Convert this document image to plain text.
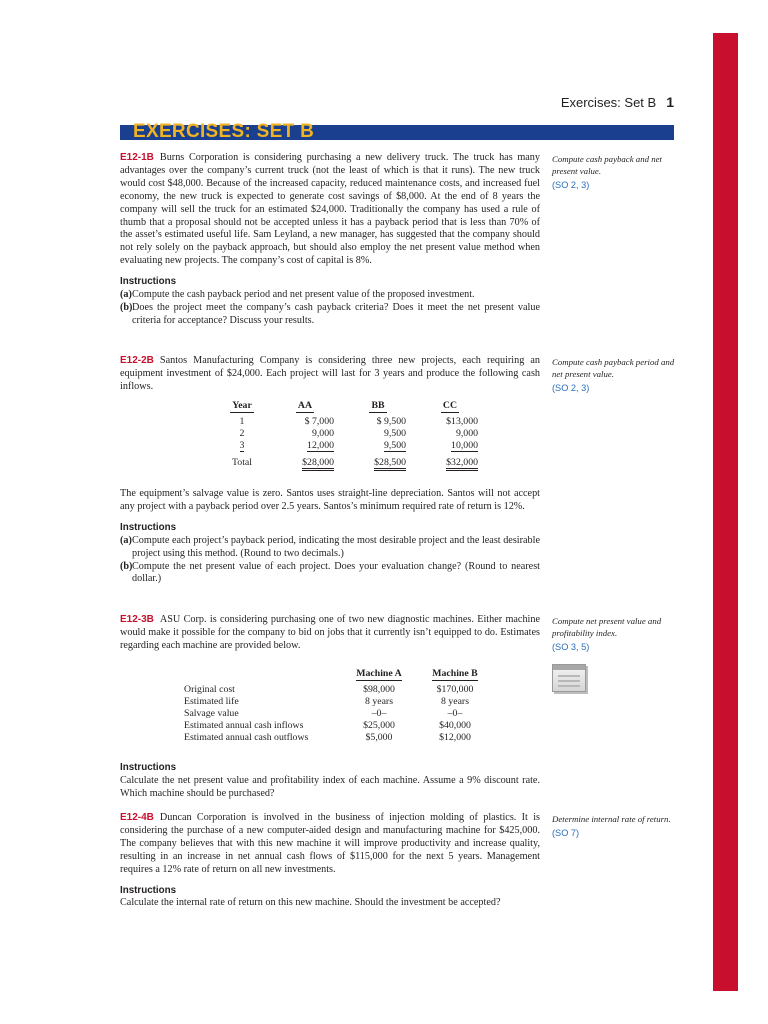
Exercises: Set B 1
EXERCISES: SET B
E12-1B Burns Corporation is considering purchasing a new delivery truck. The truck has many advantages over the company’s current truck (not the least of which is that it runs). The new truck would cost $48,000. Because of the increased capacity, reduced maintenance costs, and increased fuel economy, the new truck is expected to generate cost savings of $8,000. At the end of 8 years the company will sell the truck for an estimated $24,000. Traditionally the company has used a rule of thumb that a proposal should not be accepted unless it has a payback period that is less than 70% of the asset’s estimated useful life. Sam Leyland, a new manager, has suggested that the company should not rely solely on the payback approach, but should also employ the net present value method when evaluating new projects. The company’s cost of capital is 8%.
Instructions
(a) Compute the cash payback period and net present value of the proposed investment.
(b) Does the project meet the company’s cash payback criteria? Does it meet the net present value criteria for acceptance? Discuss your results.
Compute cash payback and net present value.
(SO 2, 3)
E12-2B Santos Manufacturing Company is considering three new projects, each requiring an equipment investment of $24,000. Each project will last for 3 years and produce the following cash inflows.
Year	AA	BB	CC
1	$ 7,000	$ 9,500	$13,000
2	9,000	9,500	9,000
3	12,000	9,500	10,000
Total	$28,000	$28,500	$32,000
The equipment’s salvage value is zero. Santos uses straight-line depreciation. Santos will not accept any project with a payback period over 2.5 years. Santos’s minimum required rate of return is 12%.
Instructions
(a) Compute each project’s payback period, indicating the most desirable project and the least desirable project using this method. (Round to two decimals.)
(b) Compute the net present value of each project. Does your evaluation change? (Round to nearest dollar.)
Compute cash payback period and net present value.
(SO 2, 3)
E12-3B ASU Corp. is considering purchasing one of two new diagnostic machines. Either machine would make it possible for the company to bid on jobs that it currently isn’t equipped to do. Estimates regarding each machine are provided below.
	Machine A	Machine B
Original cost	$98,000	$170,000
Estimated life	8 years	8 years
Salvage value	–0–	–0–
Estimated annual cash inflows	$25,000	$40,000
Estimated annual cash outflows	$5,000	$12,000
Instructions
Calculate the net present value and profitability index of each machine. Assume a 9% discount rate. Which machine should be purchased?
Compute net present value and profitability index.
(SO 3, 5)
E12-4B Duncan Corporation is involved in the business of injection molding of plastics. It is considering the purchase of a new computer-aided design and manufacturing machine for $425,000. The company believes that with this new machine it will improve productivity and increase quality, resulting in an increase in net annual cash flows of $115,000 for the next 5 years. Management requires a 12% rate of return on all new investments.
Instructions
Calculate the internal rate of return on this new machine. Should the investment be accepted?
Determine internal rate of return.
(SO 7)
